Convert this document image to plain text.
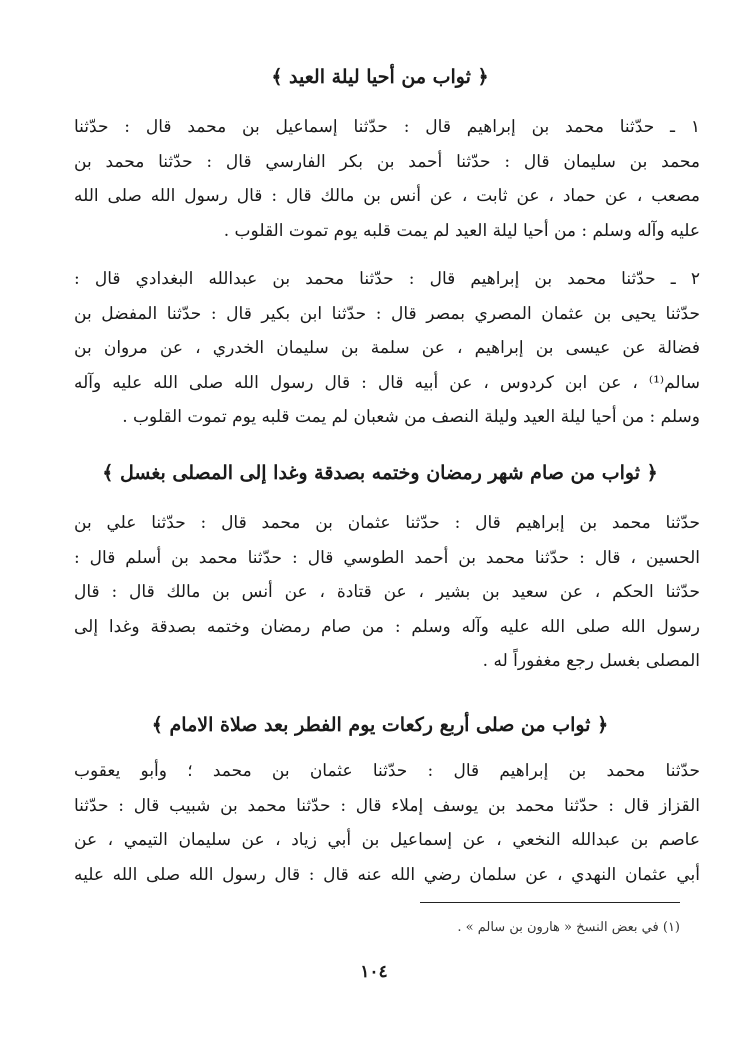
﴿ ثواب من أحيا ليلة العيد ﴾
١ ـ حدّثنا محمد بن إبراهيم قال : حدّثنا إسماعيل بن محمد قال : حدّثنا
محمد بن سليمان قال : حدّثنا أحمد بن بكر الفارسي قال : حدّثنا محمد بن
مصعب ، عن حماد ، عن ثابت ، عن أنس بن مالك قال : قال رسول الله صلى الله
عليه وآله وسلم : من أحيا ليلة العيد لم يمت قلبه يوم تموت القلوب .
٢ ـ حدّثنا محمد بن إبراهيم قال : حدّثنا محمد بن عبدالله البغدادي قال :
حدّثنا يحيى بن عثمان المصري بمصر قال : حدّثنا ابن بكير قال : حدّثنا المفضل بن
فضالة عن عيسى بن إبراهيم ، عن سلمة بن سليمان الخدري ، عن مروان بن
سالم⁽¹⁾ ، عن ابن كردوس ، عن أبيه قال : قال رسول الله صلى الله عليه وآله
وسلم : من أحيا ليلة العيد وليلة النصف من شعبان لم يمت قلبه يوم تموت القلوب .
﴿ ثواب من صام شهر رمضان وختمه بصدقة وغدا إلى المصلى بغسل ﴾
حدّثنا محمد بن إبراهيم قال : حدّثنا عثمان بن محمد قال : حدّثنا علي بن
الحسين ، قال : حدّثنا محمد بن أحمد الطوسي قال : حدّثنا محمد بن أسلم قال :
حدّثنا الحكم ، عن سعيد بن بشير ، عن قتادة ، عن أنس بن مالك قال : قال
رسول الله صلى الله عليه وآله وسلم : من صام رمضان وختمه بصدقة وغدا إلى
المصلى بغسل رجع مغفوراً له .
﴿ ثواب من صلى أربع ركعات يوم الفطر بعد صلاة الامام ﴾
حدّثنا محمد بن إبراهيم قال : حدّثنا عثمان بن محمد ؛ وأبو يعقوب
القزاز قال : حدّثنا محمد بن يوسف إملاء قال : حدّثنا محمد بن شبيب قال : حدّثنا
عاصم بن عبدالله النخعي ، عن إسماعيل بن أبي زياد ، عن سليمان التيمي ، عن
أبي عثمان النهدي ، عن سلمان رضي الله عنه قال : قال رسول الله صلى الله عليه
(١) في بعض النسخ « هارون بن سالم » .
١٠٤
